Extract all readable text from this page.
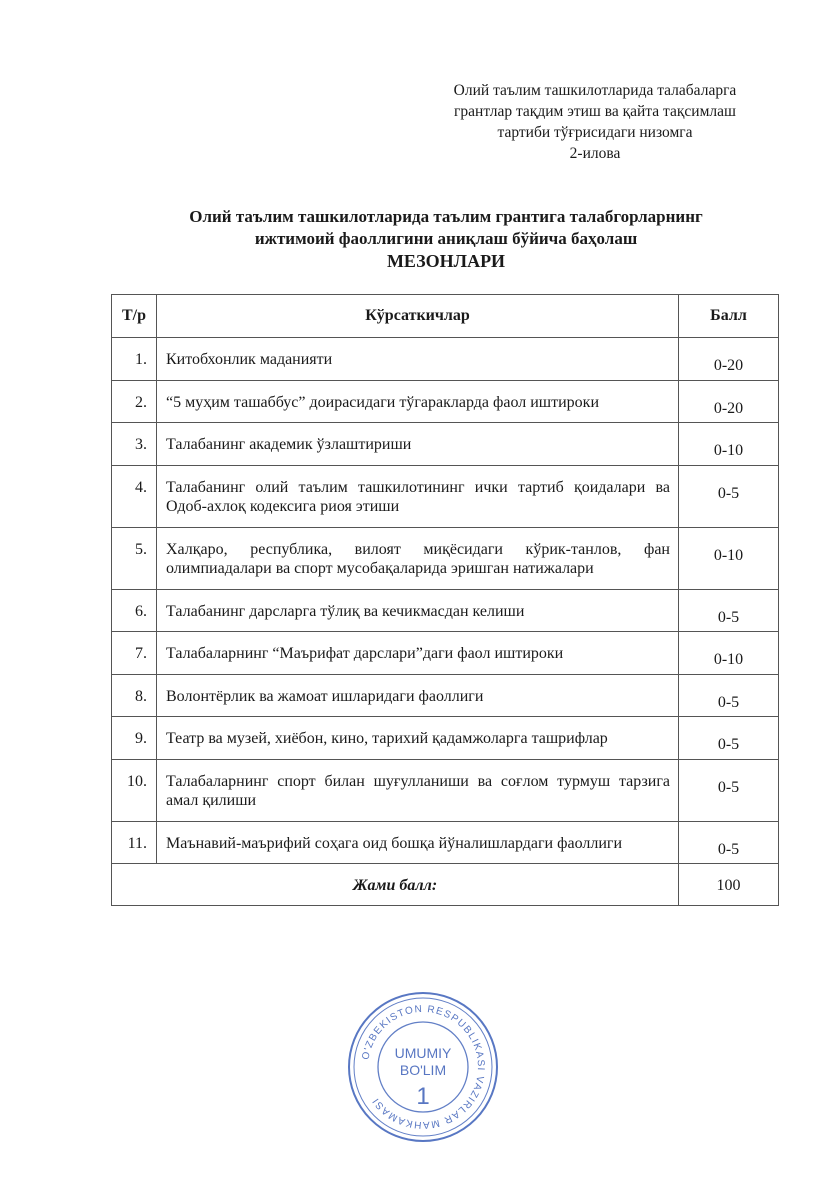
Олий таълим ташкилотларида талабаларга
грантлар тақдим этиш ва қайта тақсимлаш
тартиби тўғрисидаги низомга
2-илова
Олий таълим ташкилотларида таълим грантига талабгорларнинг
ижтимоий фаоллигини аниқлаш бўйича баҳолаш
МЕЗОНЛАРИ
Т/р	Кўрсаткичлар	Балл
1.	Китобхонлик маданияти	0-20
2.	“5 муҳим ташаббус” доирасидаги тўгаракларда фаол иштироки	0-20
3.	Талабанинг академик ўзлаштириши	0-10
4.	Талабанинг олий таълим ташкилотининг ички тартиб қоидалари ва Одоб-ахлоқ кодексига риоя этиши	0-5
5.	Халқаро, республика, вилоят миқёсидаги кўрик-танлов, фан олимпиадалари ва спорт мусобақаларида эришган натижалари	0-10
6.	Талабанинг дарсларга тўлиқ ва кечикмасдан келиши	0-5
7.	Талабаларнинг “Маърифат дарслари”даги фаол иштироки	0-10
8.	Волонтёрлик ва жамоат ишларидаги фаоллиги	0-5
9.	Театр ва музей, хиёбон, кино, тарихий қадамжоларга ташрифлар	0-5
10.	Талабаларнинг спорт билан шуғулланиши ва соғлом турмуш тарзига амал қилиши	0-5
11.	Маънавий-маърифий соҳага оид бошқа йўналишлардаги фаоллиги	0-5
Жами балл:		100
O'ZBEKISTON RESPUBLIKASI VAZIRLAR MAHKAMASI
UMUMIY
BO'LIM
1
